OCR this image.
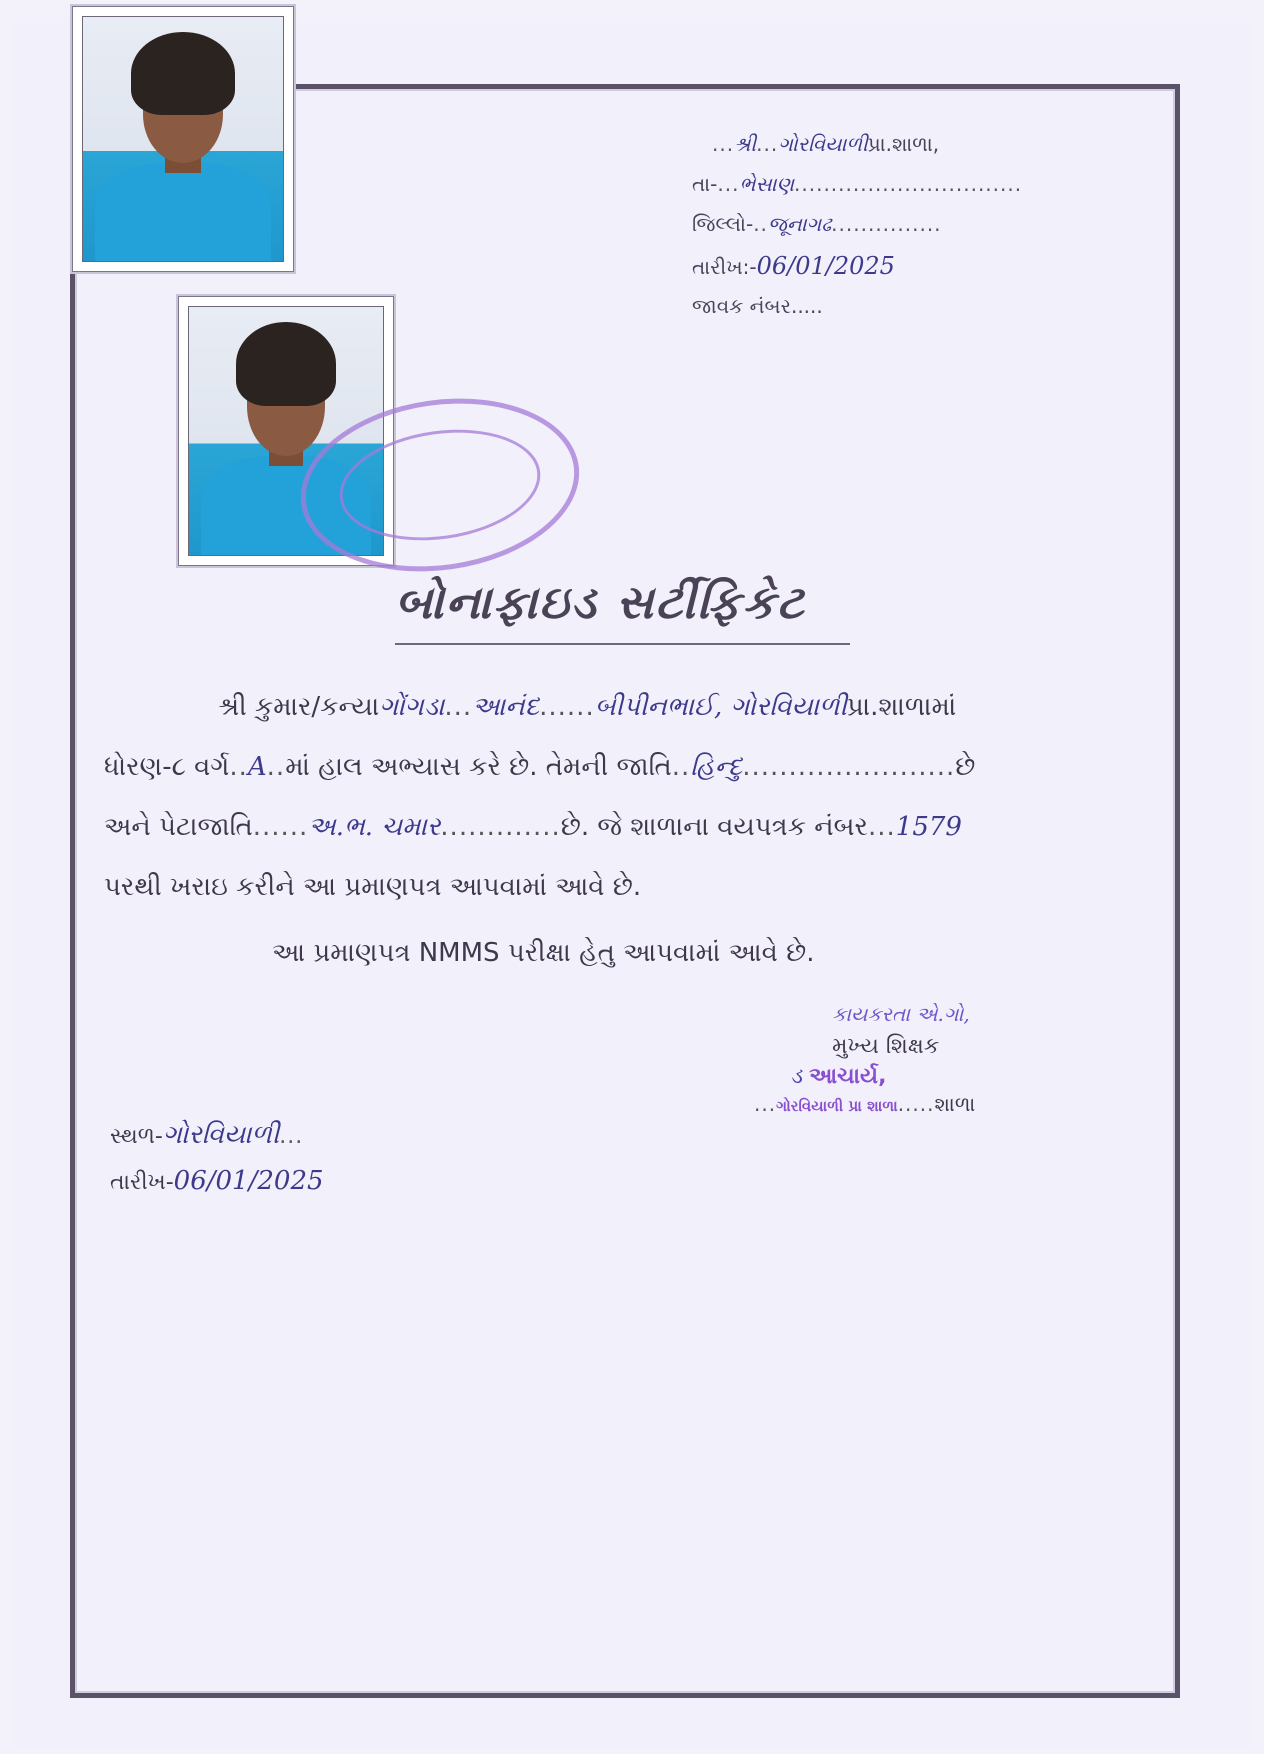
...શ્રી...ગોરવિયાળીપ્રા.શાળા,
તા-...ભેસાણ...............................
જિલ્લો-..જૂનાગઢ...............
તારીખ:-06/01/2025
જાવક નંબર.....
બોનાફાઇડ સર્ટીફિકેટ
શ્રી કુમાર/કન્યાગોંગડા...આનંદ......બીપીનભાઈ, ગોરવિયાળીપ્રા.શાળામાં
ધોરણ-૮ વર્ગ..A..માં હાલ અભ્યાસ કરે છે. તેમની જાતિ..હિન્દુ.......................છે
અને પેટાજાતિ......અ.ભ. ચમાર.............છે. જે શાળાના વયપત્રક નંબર...1579
પરથી ખરાઇ કરીને આ પ્રમાણપત્ર આપવામાં આવે છે.
આ પ્રમાણપત્ર NMMS પરીક્ષા હેતુ આપવામાં આવે છે.
કાયકરતા એ.ગો,
મુખ્ય શિક્ષક
ડ આચાર્ય,
...ગોરવિયાળી પ્રા શાળા.....શાળા
સ્થળ-ગોરવિયાળી...
તારીખ-06/01/2025
